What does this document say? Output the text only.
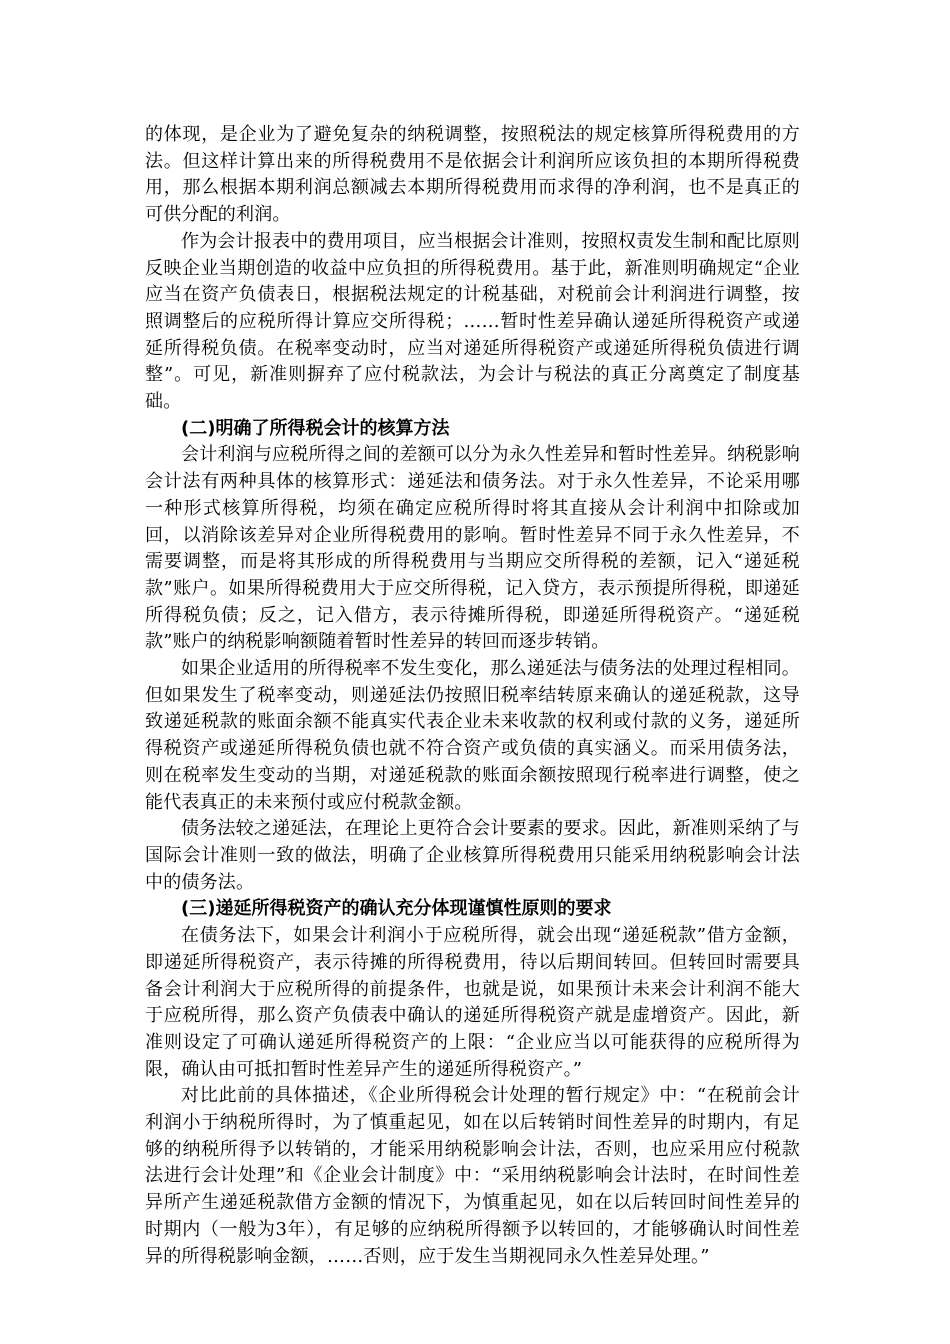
的体现，是企业为了避免复杂的纳税调整，按照税法的规定核算所得税费用的方法。但这样计算出来的所得税费用不是依据会计利润所应该负担的本期所得税费用，那么根据本期利润总额减去本期所得税费用而求得的净利润，也不是真正的可供分配的利润。

作为会计报表中的费用项目，应当根据会计准则，按照权责发生制和配比原则反映企业当期创造的收益中应负担的所得税费用。基于此，新准则明确规定“企业应当在资产负债表日，根据税法规定的计税基础，对税前会计利润进行调整，按照调整后的应税所得计算应交所得税；……暂时性差异确认递延所得税资产或递延所得税负债。在税率变动时，应当对递延所得税资产或递延所得税负债进行调整”。可见，新准则摒弃了应付税款法，为会计与税法的真正分离奠定了制度基础。

(二)明确了所得税会计的核算方法

会计利润与应税所得之间的差额可以分为永久性差异和暂时性差异。纳税影响会计法有两种具体的核算形式：递延法和债务法。对于永久性差异，不论采用哪一种形式核算所得税，均须在确定应税所得时将其直接从会计利润中扣除或加回，以消除该差异对企业所得税费用的影响。暂时性差异不同于永久性差异，不需要调整，而是将其形成的所得税费用与当期应交所得税的差额，记入“递延税款”账户。如果所得税费用大于应交所得税，记入贷方，表示预提所得税，即递延所得税负债；反之，记入借方，表示待摊所得税，即递延所得税资产。“递延税款”账户的纳税影响额随着暂时性差异的转回而逐步转销。

如果企业适用的所得税率不发生变化，那么递延法与债务法的处理过程相同。但如果发生了税率变动，则递延法仍按照旧税率结转原来确认的递延税款，这导致递延税款的账面余额不能真实代表企业未来收款的权利或付款的义务，递延所得税资产或递延所得税负债也就不符合资产或负债的真实涵义。而采用债务法，则在税率发生变动的当期，对递延税款的账面余额按照现行税率进行调整，使之能代表真正的未来预付或应付税款金额。

债务法较之递延法，在理论上更符合会计要素的要求。因此，新准则采纳了与国际会计准则一致的做法，明确了企业核算所得税费用只能采用纳税影响会计法中的债务法。

(三)递延所得税资产的确认充分体现谨慎性原则的要求

在债务法下，如果会计利润小于应税所得，就会出现“递延税款”借方金额，即递延所得税资产，表示待摊的所得税费用，待以后期间转回。但转回时需要具备会计利润大于应税所得的前提条件，也就是说，如果预计未来会计利润不能大于应税所得，那么资产负债表中确认的递延所得税资产就是虚增资产。因此，新准则设定了可确认递延所得税资产的上限：“企业应当以可能获得的应税所得为限，确认由可抵扣暂时性差异产生的递延所得税资产。”

对比此前的具体描述，《企业所得税会计处理的暂行规定》中：“在税前会计利润小于纳税所得时，为了慎重起见，如在以后转销时间性差异的时期内，有足够的纳税所得予以转销的，才能采用纳税影响会计法，否则，也应采用应付税款法进行会计处理”和《企业会计制度》中：“采用纳税影响会计法时，在时间性差异所产生递延税款借方金额的情况下，为慎重起见，如在以后转回时间性差异的时期内（一般为3年），有足够的应纳税所得额予以转回的，才能够确认时间性差异的所得税影响金额，……否则，应于发生当期视同永久性差异处理。”
